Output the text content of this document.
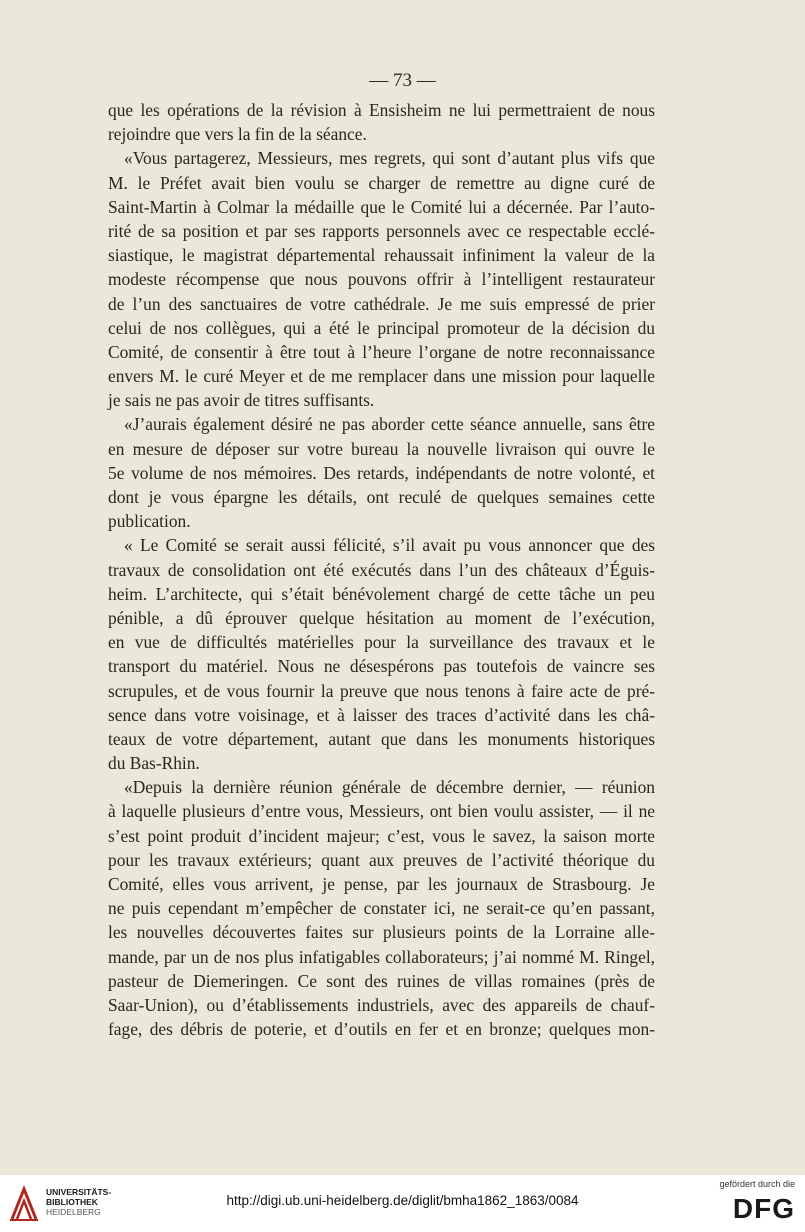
— 73 —
que les opérations de la révision à Ensisheim ne lui permettraient de nous
rejoindre que vers la fin de la séance.
«Vous partagerez, Messieurs, mes regrets, qui sont d’autant plus vifs que
M. le Préfet avait bien voulu se charger de remettre au digne curé de
Saint-Martin à Colmar la médaille que le Comité lui a décernée. Par l’auto-
rité de sa position et par ses rapports personnels avec ce respectable ecclé-
siastique, le magistrat départemental rehaussait infiniment la valeur de la
modeste récompense que nous pouvons offrir à l’intelligent restaurateur
de l’un des sanctuaires de votre cathédrale. Je me suis empressé de prier
celui de nos collègues, qui a été le principal promoteur de la décision du
Comité, de consentir à être tout à l’heure l’organe de notre reconnaissance
envers M. le curé Meyer et de me remplacer dans une mission pour laquelle
je sais ne pas avoir de titres suffisants.
«J’aurais également désiré ne pas aborder cette séance annuelle, sans être
en mesure de déposer sur votre bureau la nouvelle livraison qui ouvre le
5e volume de nos mémoires. Des retards, indépendants de notre volonté, et
dont je vous épargne les détails, ont reculé de quelques semaines cette
publication.
« Le Comité se serait aussi félicité, s’il avait pu vous annoncer que des
travaux de consolidation ont été exécutés dans l’un des châteaux d’Éguis-
heim. L’architecte, qui s’était bénévolement chargé de cette tâche un peu
pénible, a dû éprouver quelque hésitation au moment de l’exécution,
en vue de difficultés matérielles pour la surveillance des travaux et le
transport du matériel. Nous ne désespérons pas toutefois de vaincre ses
scrupules, et de vous fournir la preuve que nous tenons à faire acte de pré-
sence dans votre voisinage, et à laisser des traces d’activité dans les châ-
teaux de votre département, autant que dans les monuments historiques
du Bas-Rhin.
«Depuis la dernière réunion générale de décembre dernier, — réunion
à laquelle plusieurs d’entre vous, Messieurs, ont bien voulu assister, — il ne
s’est point produit d’incident majeur; c’est, vous le savez, la saison morte
pour les travaux extérieurs; quant aux preuves de l’activité théorique du
Comité, elles vous arrivent, je pense, par les journaux de Strasbourg. Je
ne puis cependant m’empêcher de constater ici, ne serait-ce qu’en passant,
les nouvelles découvertes faites sur plusieurs points de la Lorraine alle-
mande, par un de nos plus infatigables collaborateurs; j’ai nommé M. Ringel,
pasteur de Diemeringen. Ce sont des ruines de villas romaines (près de
Saar-Union), ou d’établissements industriels, avec des appareils de chauf-
fage, des débris de poterie, et d’outils en fer et en bronze; quelques mon-
UNIVERSITÄTS-
BIBLIOTHEK
HEIDELBERG
http://digi.ub.uni-heidelberg.de/diglit/bmha1862_1863/0084
gefördert durch die
DFG
